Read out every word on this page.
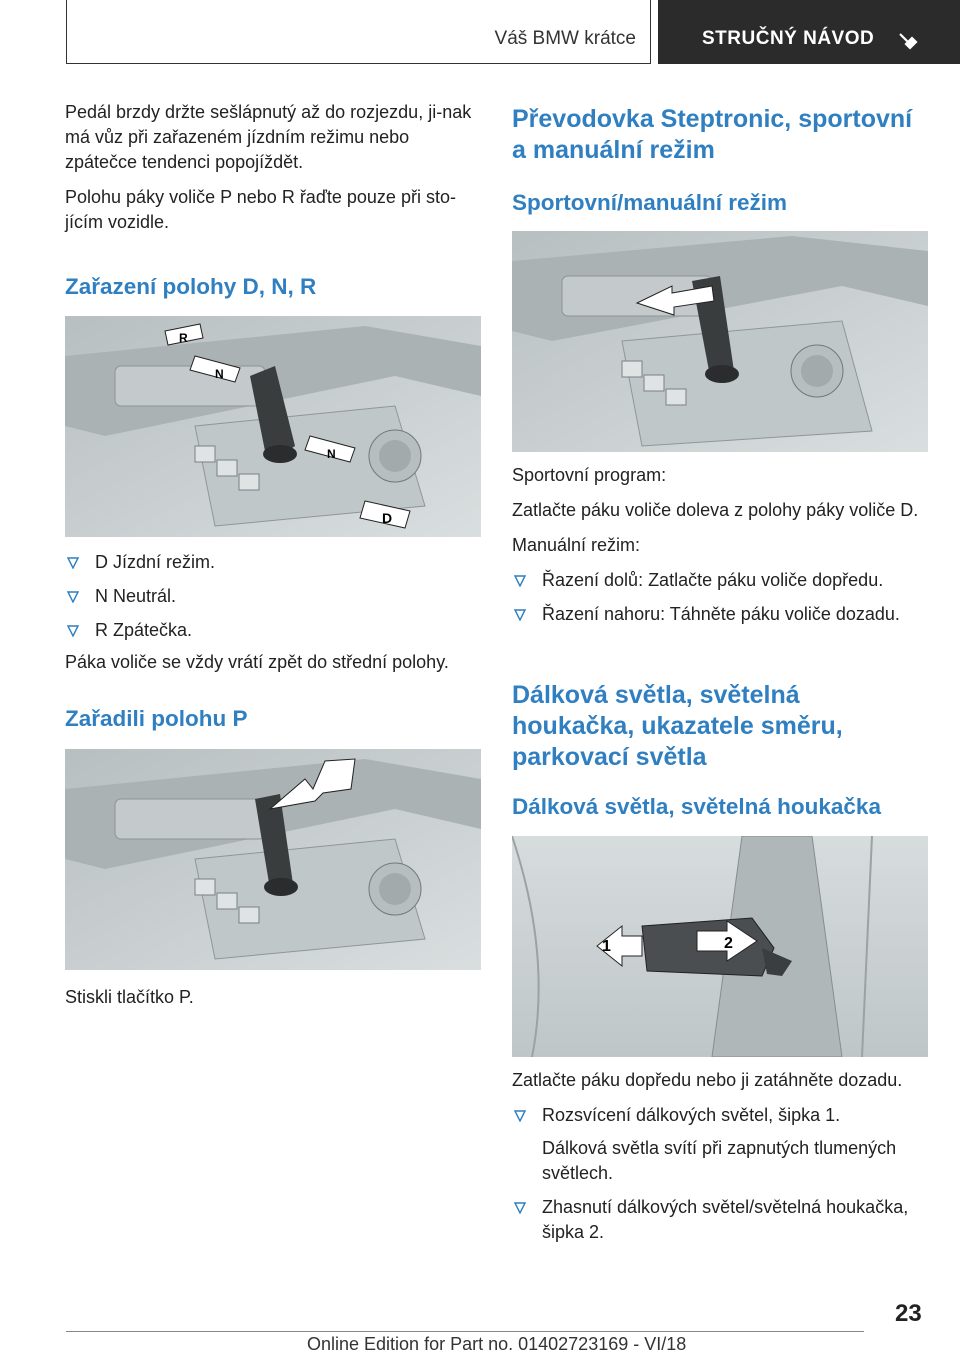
Váš BMW krátce	STRUČNÝ NÁVOD

Pedál brzdy držte sešlápnutý až do rozjezdu, ji-nak má vůz při zařazeném jízdním režimu nebo zpátečce tendenci popojíždět.

Polohu páky voliče P nebo R řaďte pouze při sto-jícím vozidle.

Zařazení polohy D, N, R
R
N
N
D
D Jízdní režim.
N Neutrál.
R Zpátečka.

Páka voliče se vždy vrátí zpět do střední polohy.

Zařadili polohu P

Stiskli tlačítko P.

Převodovka Steptronic, sportovní a manuální režim
Sportovní/manuální režim

Sportovní program:

Zatlačte páku voliče doleva z polohy páky voliče D.

Manuální režim:

Řazení dolů: Zatlačte páku voliče dopředu.
Řazení nahoru: Táhněte páku voliče dozadu.
Dálková světla, světelná houkačka, ukazatele směru, parkovací světla
Dálková světla, světelná houkačka
1	2

Zatlačte páku dopředu nebo ji zatáhněte dozadu.

Rozsvícení dálkových světel, šipka 1.
Dálková světla svítí při zapnutých tlumených světlech.
Zhasnutí dálkových světel/světelná houkačka, šipka 2.
23
Online Edition for Part no. 01402723169 - VI/18
